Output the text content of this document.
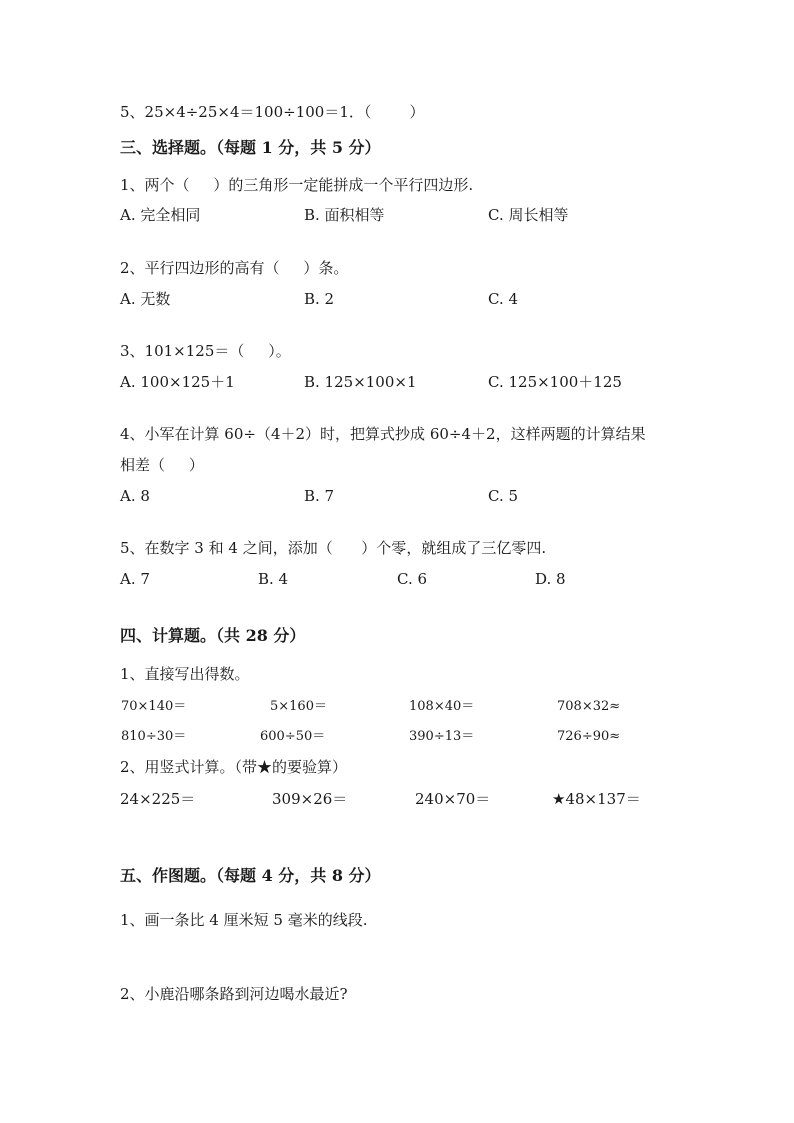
5、25×4÷25×4＝100÷100＝1．（        ）
三、选择题。（每题 1 分，共 5 分）
1、两个（     ）的三角形一定能拼成一个平行四边形.
A. 完全相同	B. 面积相等	C. 周长相等
2、平行四边形的高有（     ）条。
A. 无数	B. 2	C. 4
3、101×125＝（     ）。
A. 100×125＋1	B. 125×100×1	C. 125×100＋125
4、小军在计算 60÷（4＋2）时，把算式抄成 60÷4＋2，这样两题的计算结果
相差（     ）
A. 8	B. 7	C. 5
5、在数字 3 和 4 之间，添加（      ）个零，就组成了三亿零四.
A. 7	B. 4	C. 6	D. 8
四、计算题。（共 28 分）
1、直接写出得数。
70×140＝	5×160＝	108×40＝	708×32≈
810÷30＝	600÷50＝	390÷13＝	726÷90≈
2、用竖式计算。（带★的要验算）
24×225＝	309×26＝	240×70＝	★48×137＝
五、作图题。（每题 4 分，共 8 分）
1、画一条比 4 厘米短 5 毫米的线段.
2、小鹿沿哪条路到河边喝水最近?
